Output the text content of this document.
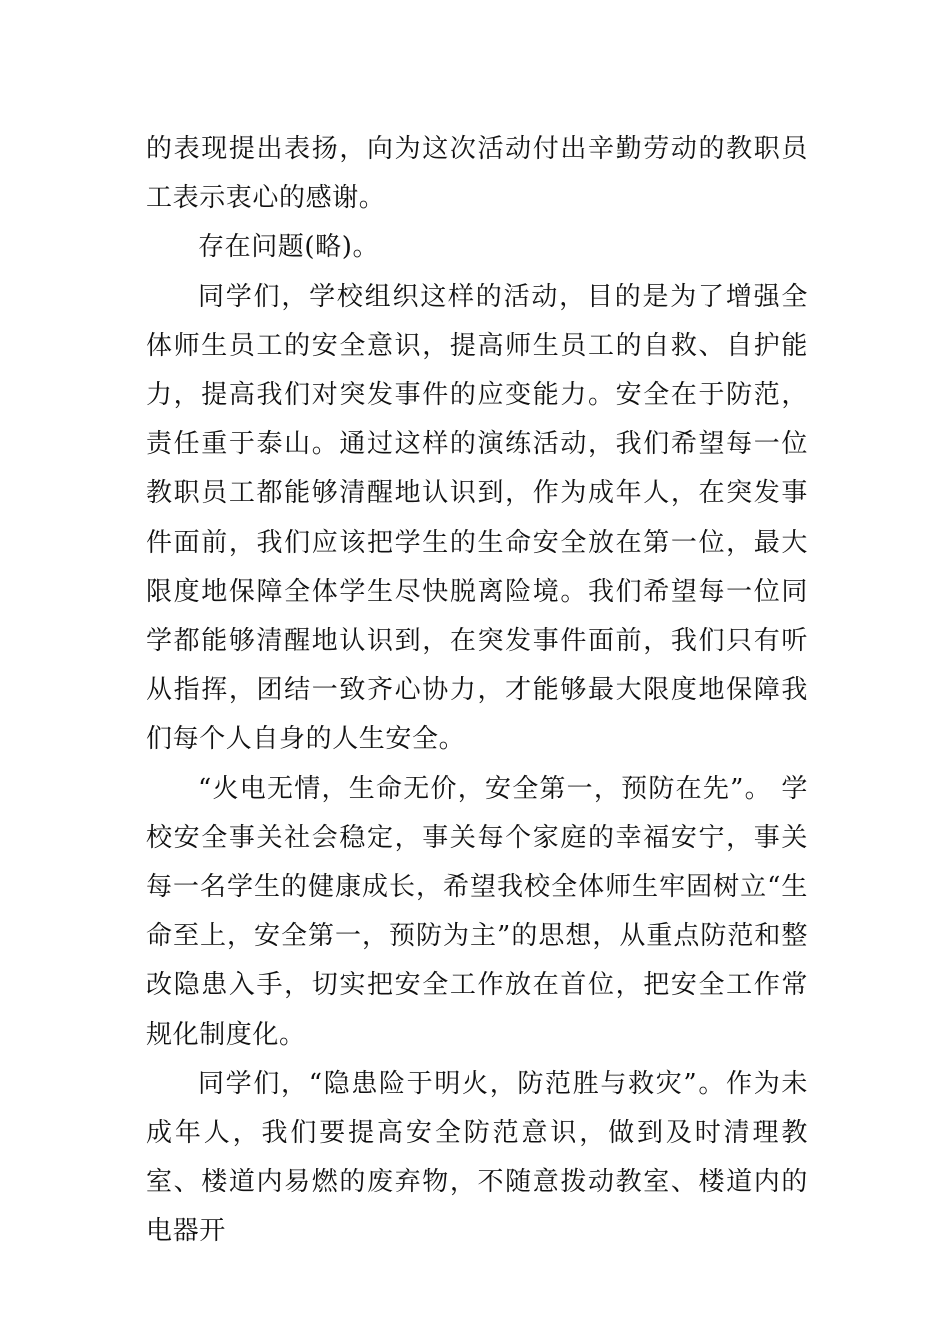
的表现提出表扬，向为这次活动付出辛勤劳动的教职员工表示衷心的感谢。

存在问题(略)。

同学们，学校组织这样的活动，目的是为了增强全体师生员工的安全意识，提高师生员工的自救、自护能力，提高我们对突发事件的应变能力。安全在于防范，责任重于泰山。通过这样的演练活动，我们希望每一位教职员工都能够清醒地认识到，作为成年人，在突发事件面前，我们应该把学生的生命安全放在第一位，最大限度地保障全体学生尽快脱离险境。我们希望每一位同学都能够清醒地认识到，在突发事件面前，我们只有听从指挥，团结一致齐心协力，才能够最大限度地保障我们每个人自身的人生安全。

“火电无情，生命无价，安全第一，预防在先”。 学校安全事关社会稳定，事关每个家庭的幸福安宁，事关每一名学生的健康成长，希望我校全体师生牢固树立“生命至上，安全第一，预防为主”的思想，从重点防范和整改隐患入手，切实把安全工作放在首位，把安全工作常规化制度化。

同学们，“隐患险于明火，防范胜与救灾”。作为未成年人，我们要提高安全防范意识，做到及时清理教室、楼道内易燃的废弃物，不随意拨动教室、楼道内的电器开
